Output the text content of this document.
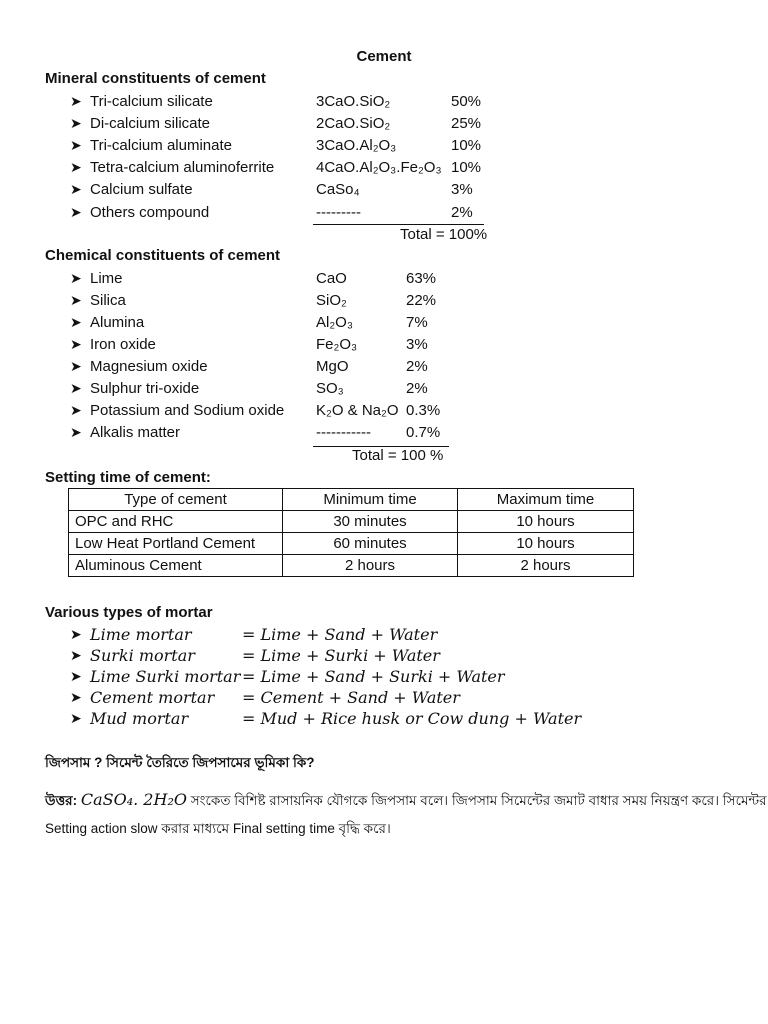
Cement
Mineral constituents of cement
➤ Tri-calcium silicate	3CaO.SiO₂	50%
➤ Di-calcium silicate	2CaO.SiO₂	25%
➤ Tri-calcium aluminate	3CaO.Al₂O₃	10%
➤ Tetra-calcium aluminoferrite	4CaO.Al₂O₃.Fe₂O₃ 10%
➤ Calcium sulfate	CaSo₄	3%
➤ Others compound	---------	2%
Total = 100%
Chemical constituents of cement
➤ Lime	CaO	63%
➤ Silica	SiO₂	22%
➤ Alumina	Al₂O₃	7%
➤ Iron oxide	Fe₂O₃	3%
➤ Magnesium oxide	MgO	2%
➤ Sulphur tri-oxide	SO₃	2%
➤ Potassium and Sodium oxide K₂O & Na₂O 0.3%
➤ Alkalis matter	----------- 0.7%
Total = 100 %
Setting time of cement:
Type of cement	Minimum time	Maximum time
OPC and RHC	30 minutes	10 hours
Low Heat Portland Cement	60 minutes	10 hours
Aluminous Cement	2 hours	2 hours
Various types of mortar
➤ Lime mortar	= Lime + Sand + Water
➤ Surki mortar	= Lime + Surki + Water
➤ Lime Surki mortar = Lime + Sand + Surki + Water
➤ Cement mortar = Cement + Sand + Water
➤ Mud mortar	= Mud + Rice husk or Cow dung + Water
জিপসাম ? সিমেন্ট তৈরিতে জিপসামের ভূমিকা কি?
উত্তর: CaSO₄. 2H₂O সংকেত বিশিষ্ট রাসায়নিক যৌগকে জিপসাম বলে। জিপসাম সিমেন্টের জমাট বাধার সময় নিয়ন্ত্রণ করে। সিমেন্টর
Setting action slow করার মাধ্যমে Final setting time বৃদ্ধি করে।
